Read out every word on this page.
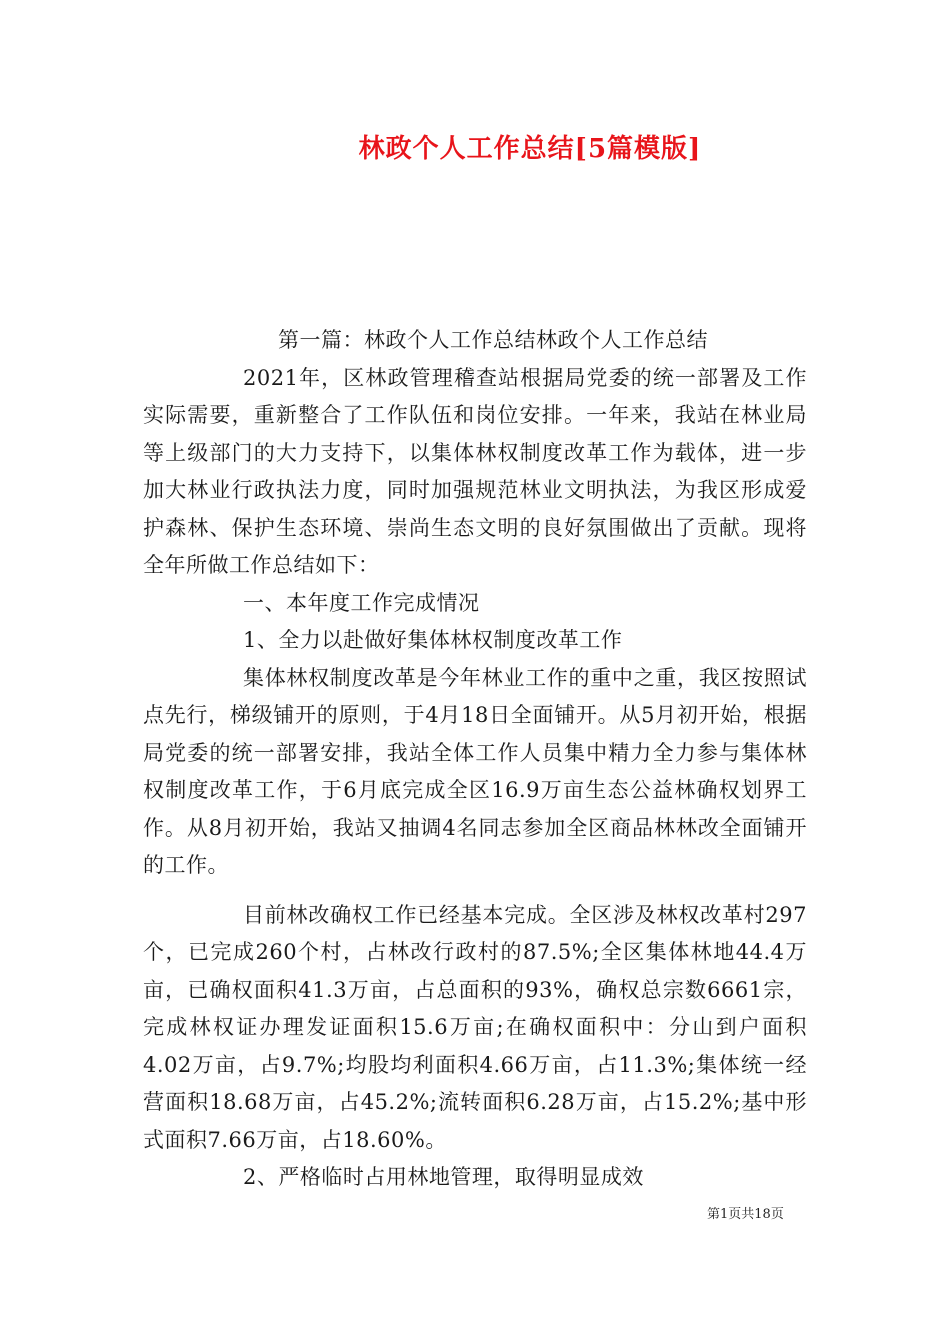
林政个人工作总结[5篇模版]

第一篇：林政个人工作总结林政个人工作总结

2021年，区林政管理稽查站根据局党委的统一部署及工作实际需要，重新整合了工作队伍和岗位安排。一年来，我站在林业局等上级部门的大力支持下，以集体林权制度改革工作为载体，进一步加大林业行政执法力度，同时加强规范林业文明执法，为我区形成爱护森林、保护生态环境、崇尚生态文明的良好氛围做出了贡献。现将全年所做工作总结如下：

一、本年度工作完成情况

1、全力以赴做好集体林权制度改革工作

集体林权制度改革是今年林业工作的重中之重，我区按照试点先行，梯级铺开的原则，于4月18日全面铺开。从5月初开始，根据局党委的统一部署安排，我站全体工作人员集中精力全力参与集体林权制度改革工作，于6月底完成全区16.9万亩生态公益林确权划界工作。从8月初开始，我站又抽调4名同志参加全区商品林林改全面铺开的工作。

目前林改确权工作已经基本完成。全区涉及林权改革村297个，已完成260个村，占林改行政村的87.5%;全区集体林地44.4万亩，已确权面积41.3万亩，占总面积的93%，确权总宗数6661宗，完成林权证办理发证面积15.6万亩;在确权面积中：分山到户面积4.02万亩，占9.7%;均股均利面积4.66万亩，占11.3%;集体统一经营面积18.68万亩，占45.2%;流转面积6.28万亩，占15.2%;基中形式面积7.66万亩，占18.60%。

2、严格临时占用林地管理，取得明显成效

第1页共18页
